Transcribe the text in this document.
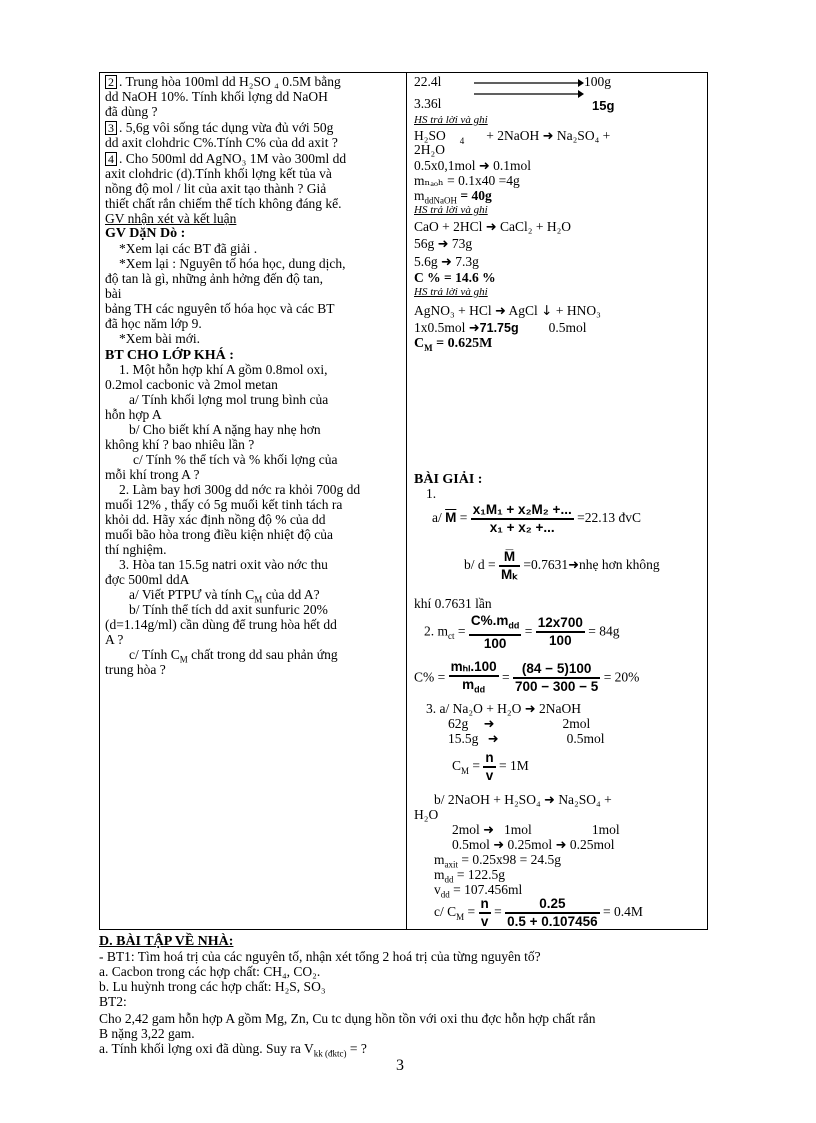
2 . Trung hòa 100ml dd H₂SO ₄ 0.5M bằng
dd NaOH 10%. Tính khối lợng dd NaOH
đã dùng ?
3 . 5,6g vôi sống tác dụng vừa đủ với 50g
dd axit clohdric C%.Tính C% của dd axit ?
4 . Cho 500ml dd AgNO₃ 1M vào 300ml dd
axit clohdric (d).Tính khối lợng kết tủa và
nồng độ mol / lit của axit tạo thành ? Giả
thiết chất rắn chiếm thể tích không đáng kể.
GV nhận xét và kết luận
GV DặN Dò :
*Xem lại các BT đã giải .
*Xem lại : Nguyên tố hóa học, dung dịch,
độ tan là gì, những ảnh hởng đến độ tan,
bài
bảng TH các nguyên tố hóa học và các BT
đã học năm lớp 9.
*Xem bài mới.
BT CHO LỚP KHÁ :
1. Một hỗn hợp khí A gồm 0.8mol oxi,
0.2mol cacbonic và 2mol metan
a/ Tính khối lợng mol trung bình của
hỗn hợp A
b/ Cho biết khí A nặng hay nhẹ hơn
không khí ? bao nhiêu lần ?
c/ Tính % thể tích và % khối lợng của
mỗi khí trong A ?
2. Làm bay hơi 300g dd nớc ra khỏi 700g dd
muối 12% , thấy có 5g muối kết tinh tách ra
khỏi dd. Hãy xác định nồng độ % của dd
muối bão hòa trong điều kiện nhiệt độ của
thí nghiệm.
3. Hòa tan 15.5g natri oxit vào nớc thu
đợc 500ml ddA
a/ Viết PTPƯ và tính $C_M$ của dd A?
b/ Tính thể tích dd axit sunfuric 20%
(d=1.14g/ml) cần dùng để trung hòa hết dd
A ?
c/ Tính $C_M$ chất trong dd sau phản ứng
trung hòa ?
22.4l	100g
3.36l	15g
HS trả lời và ghi
H₂SO $_4$ + 2NaOH ➜ Na₂SO₄ +
2H₂O
0.5x0,1mol ➜ 0.1mol
mₙₐₒₕ = 0.1x40 =4g
$m_{ddNaOH} = 40g$
HS trả lời và ghi
CaO + 2HCl ➜ CaCl₂ + H₂O
56g ➜ 73g
5.6g ➜ 7.3g
C % = 14.6 %
HS trả lời và ghi
AgNO₃ + HCl ➜ AgCl ↓ + HNO₃
1x0.5mol ➜71.75g 0.5mol
$C_M = 0.625M$
BÀI GIẢI :
1.
a/ $\overline{M} = \frac{\text{x₁M₁ + x₂M₂ +...}}{\text{x₁ + x₂ +...}} =22.13$ đvC
b/ $d = \frac{M̅}{\text{Mₖ}}$ =0.7631➜nhẹ hơn không
khí 0.7631 lần
2. $m_{ct} = \frac{C\%.m_{dd}}{100} = \frac{12x700}{100} = 84g$
$C\% = \frac{\text{mₕₗ.100}}{m_{dd}} = \frac{(84 - 5)100}{700 - 300 - 5} = 20\%$
3. a/ Na₂O + H₂O ➜ 2NaOH
62g ➜	2mol
15.5g ➜	0.5mol
$C_M = \frac{n}{v} = 1M$
b/ 2NaOH + H₂SO₄ ➜ Na₂SO₄ +
H₂O
2mol ➜ 1mol	1mol
0.5mol ➜ 0.25mol ➜ 0.25mol
$m_{axit} = 0.25x98 = 24.5g$
$m_{dd} = 122.5g$
$v_{dd} = 107.456ml$
c/ $C_M = \frac{n}{v} = \frac{0.25}{0.5 + 0.107456} = 0.4M$
D. BÀI TẬP VỀ NHÀ:
- BT1: Tìm hoá trị của các nguyên tố, nhận xét tổng 2 hoá trị của từng nguyên tố?
a. Cacbon trong các hợp chất: CH₄, CO₂.
b. Lu huỳnh trong các hợp chất: H₂S, SO₃
BT2:
Cho 2,42 gam hỗn hợp A gồm Mg, Zn, Cu tc dụng hồn tồn với oxi thu đợc hỗn hợp chất rắn
B nặng 3,22 gam.
a. Tính khối lợng oxi đã dùng. Suy ra $V_{kk (đktc)}$ = ?
3
